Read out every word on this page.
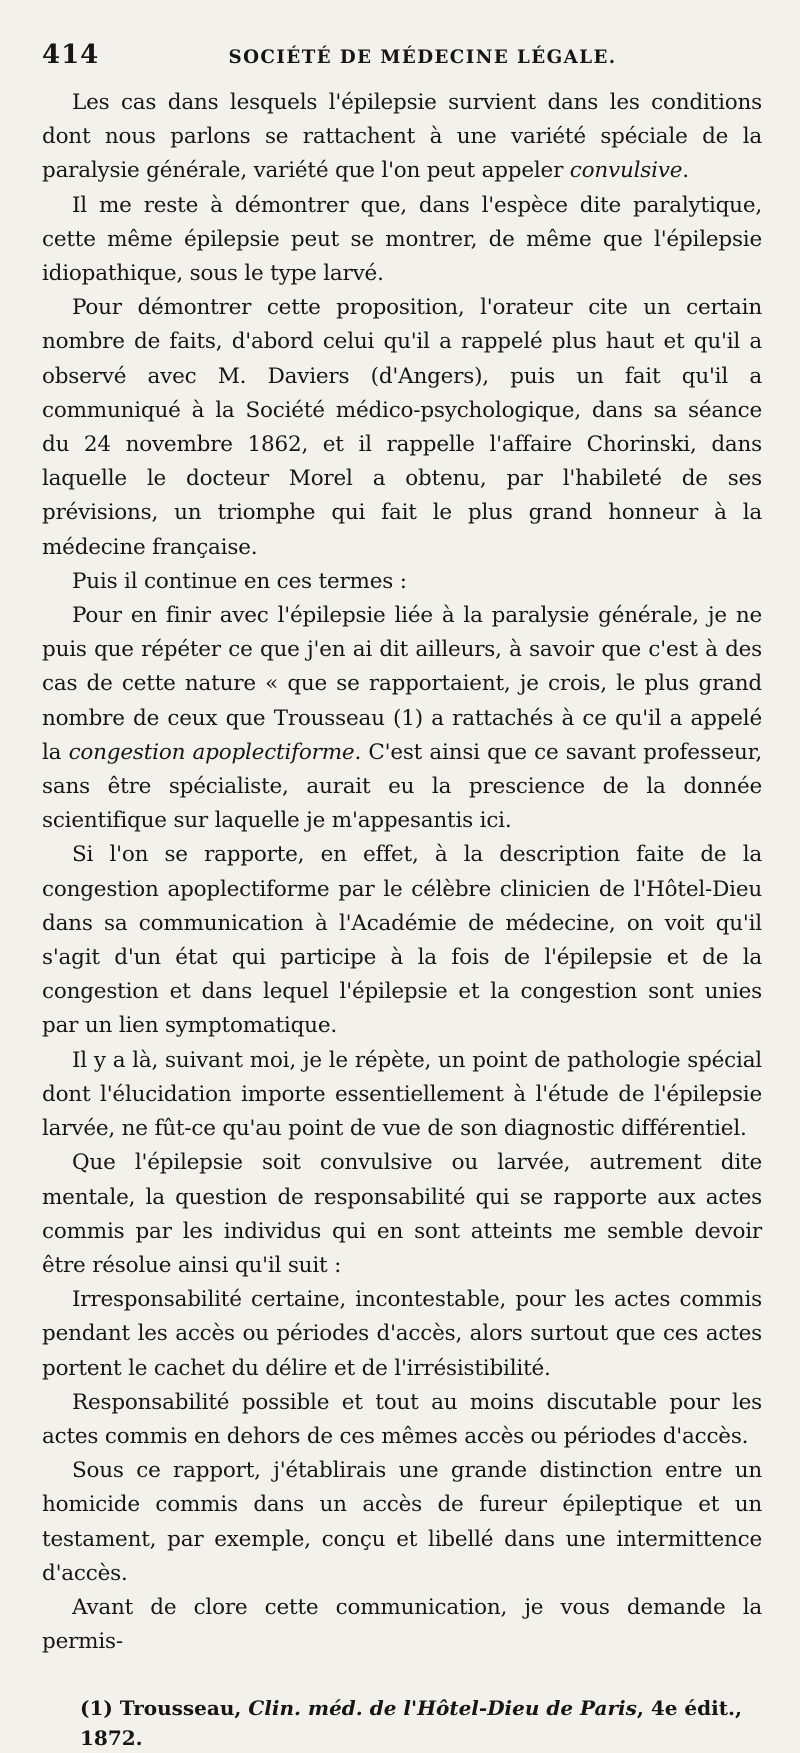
414	SOCIÉTÉ DE MÉDECINE LÉGALE.

Les cas dans lesquels l'épilepsie survient dans les conditions dont nous parlons se rattachent à une variété spéciale de la paralysie générale, variété que l'on peut appeler convulsive.

Il me reste à démontrer que, dans l'espèce dite paralytique, cette même épilepsie peut se montrer, de même que l'épilepsie idiopathique, sous le type larvé.

Pour démontrer cette proposition, l'orateur cite un certain nombre de faits, d'abord celui qu'il a rappelé plus haut et qu'il a observé avec M. Daviers (d'Angers), puis un fait qu'il a communiqué à la Société médico-psychologique, dans sa séance du 24 novembre 1862, et il rappelle l'affaire Chorinski, dans laquelle le docteur Morel a obtenu, par l'habileté de ses prévisions, un triomphe qui fait le plus grand honneur à la médecine française.

Puis il continue en ces termes :

Pour en finir avec l'épilepsie liée à la paralysie générale, je ne puis que répéter ce que j'en ai dit ailleurs, à savoir que c'est à des cas de cette nature « que se rapportaient, je crois, le plus grand nombre de ceux que Trousseau (1) a rattachés à ce qu'il a appelé la congestion apoplectiforme. C'est ainsi que ce savant professeur, sans être spécialiste, aurait eu la prescience de la donnée scientifique sur laquelle je m'appesantis ici.

Si l'on se rapporte, en effet, à la description faite de la congestion apoplectiforme par le célèbre clinicien de l'Hôtel-Dieu dans sa communication à l'Académie de médecine, on voit qu'il s'agit d'un état qui participe à la fois de l'épilepsie et de la congestion et dans lequel l'épilepsie et la congestion sont unies par un lien symptomatique.

Il y a là, suivant moi, je le répète, un point de pathologie spécial dont l'élucidation importe essentiellement à l'étude de l'épilepsie larvée, ne fût-ce qu'au point de vue de son diagnostic différentiel.

Que l'épilepsie soit convulsive ou larvée, autrement dite mentale, la question de responsabilité qui se rapporte aux actes commis par les individus qui en sont atteints me semble devoir être résolue ainsi qu'il suit :

Irresponsabilité certaine, incontestable, pour les actes commis pendant les accès ou périodes d'accès, alors surtout que ces actes portent le cachet du délire et de l'irrésistibilité.

Responsabilité possible et tout au moins discutable pour les actes commis en dehors de ces mêmes accès ou périodes d'accès.

Sous ce rapport, j'établirais une grande distinction entre un homicide commis dans un accès de fureur épileptique et un testament, par exemple, conçu et libellé dans une intermittence d'accès.

Avant de clore cette communication, je vous demande la permis-

(1) Trousseau, Clin. méd. de l'Hôtel-Dieu de Paris, 4e édit., 1872.
